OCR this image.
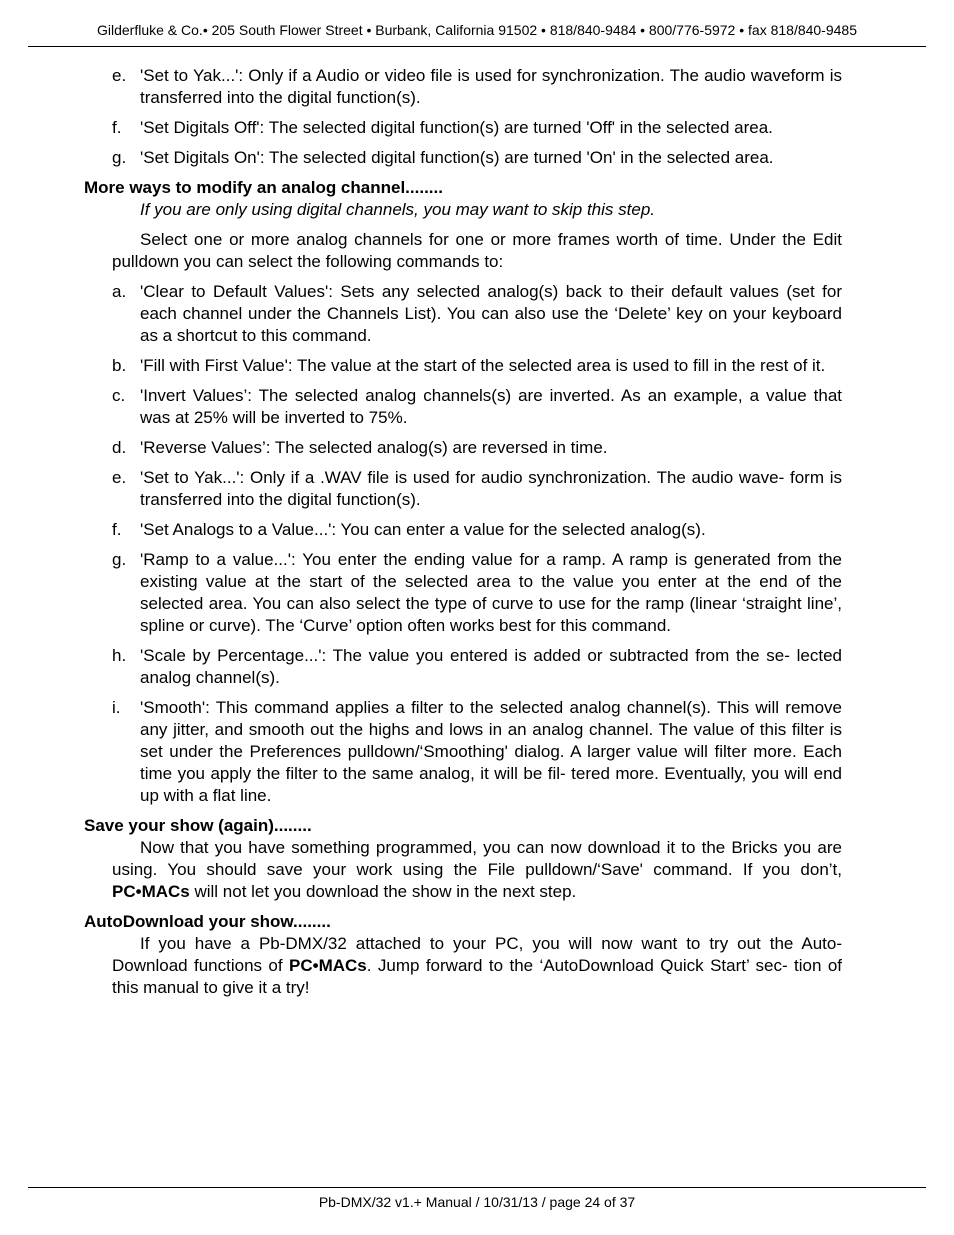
Gilderfluke & Co.• 205 South Flower Street • Burbank, California 91502 • 818/840-9484 • 800/776-5972 • fax 818/840-9485
e. 'Set to Yak...': Only if a Audio or video file is used for synchronization. The audio waveform is transferred into the digital function(s).
f. 'Set Digitals Off': The selected digital function(s) are turned 'Off' in the selected area.
g. 'Set Digitals On': The selected digital function(s) are turned 'On' in the selected area.
More ways to modify an analog channel........
If you are only using digital channels, you may want to skip this step.
Select one or more analog channels for one or more frames worth of time. Under the Edit pulldown you can select the following commands to:
a. 'Clear to Default Values': Sets any selected analog(s) back to their default values (set for each channel under the Channels List). You can also use the ‘Delete’ key on your keyboard as a shortcut to this command.
b. 'Fill with First Value': The value at the start of the selected area is used to fill in the rest of it.
c. 'Invert Values’: The selected analog channels(s) are inverted. As an example, a value that was at 25% will be inverted to 75%.
d. 'Reverse Values’: The selected analog(s) are reversed in time.
e. 'Set to Yak...': Only if a .WAV file is used for audio synchronization. The audio wave- form is transferred into the digital function(s).
f. 'Set Analogs to a Value...': You can enter a value for the selected analog(s).
g. 'Ramp to a value...': You enter the ending value for a ramp. A ramp is generated from the existing value at the start of the selected area to the value you enter at the end of the selected area. You can also select the type of curve to use for the ramp (linear ‘straight line’, spline or curve). The ‘Curve’ option often works best for this command.
h. 'Scale by Percentage...': The value you entered is added or subtracted from the se- lected analog channel(s).
i. 'Smooth': This command applies a filter to the selected analog channel(s). This will remove any jitter, and smooth out the highs and lows in an analog channel. The value of this filter is set under the Preferences pulldown/‘Smoothing' dialog. A larger value will filter more. Each time you apply the filter to the same analog, it will be fil- tered more. Eventually, you will end up with a flat line.
Save your show (again)........
Now that you have something programmed, you can now download it to the Bricks you are using. You should save your work using the File pulldown/‘Save' command. If you don’t, PC•MACs will not let you download the show in the next step.
AutoDownload your show........
If you have a Pb-DMX/32 attached to your PC, you will now want to try out the Auto- Download functions of PC•MACs. Jump forward to the ‘AutoDownload Quick Start’ sec- tion of this manual to give it a try!
Pb-DMX/32 v1.+ Manual / 10/31/13 / page 24 of 37
